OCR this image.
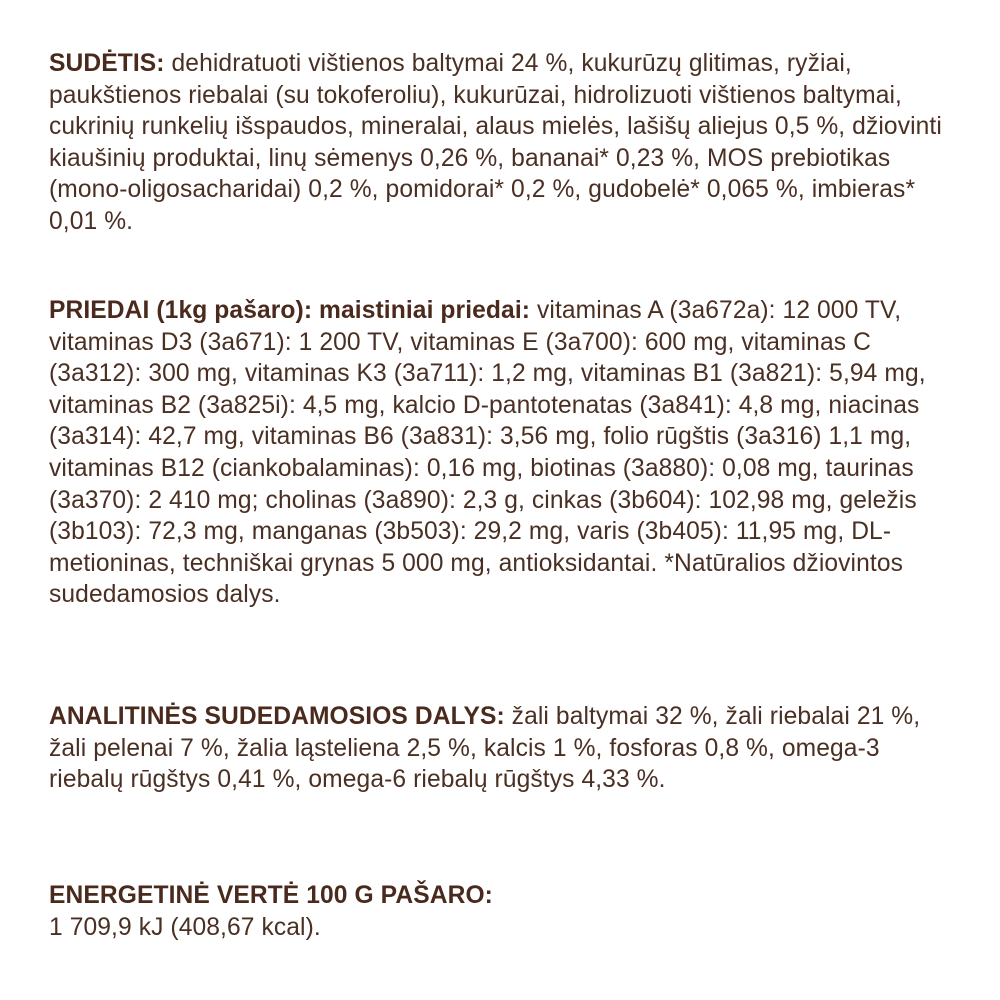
SUDĖTIS: dehidratuoti vištienos baltymai 24 %, kukurūzų glitimas, ryžiai, paukštienos riebalai (su tokoferoliu), kukurūzai, hidrolizuoti vištienos baltymai, cukrinių runkelių išspaudos, mineralai, alaus mielės, lašišų aliejus 0,5 %, džiovinti kiaušinių produktai, linų sėmenys 0,26 %, bananai* 0,23 %, MOS prebiotikas (mono-oligosacharidai) 0,2 %, pomidorai* 0,2 %, gudobelė* 0,065 %, imbieras* 0,01 %.

PRIEDAI (1kg pašaro): maistiniai priedai: vitaminas A (3a672a): 12 000 TV, vitaminas D3 (3a671): 1 200 TV, vitaminas E (3a700): 600 mg, vitaminas C (3a312): 300 mg, vitaminas K3 (3a711): 1,2 mg, vitaminas B1 (3a821): 5,94 mg, vitaminas B2 (3a825i): 4,5 mg, kalcio D-pantotenatas (3a841): 4,8 mg, niacinas (3a314): 42,7 mg, vitaminas B6 (3a831): 3,56 mg, folio rūgštis (3a316) 1,1 mg, vitaminas B12 (ciankobalaminas): 0,16 mg, biotinas (3a880): 0,08 mg, taurinas (3a370): 2 410 mg; cholinas (3a890): 2,3 g, cinkas (3b604): 102,98 mg, geležis (3b103): 72,3 mg, manganas (3b503): 29,2 mg, varis (3b405): 11,95 mg, DL-metioninas, techniškai grynas 5 000 mg, antioksidantai. *Natūralios džiovintos sudedamosios dalys.

ANALITINĖS SUDEDAMOSIOS DALYS: žali baltymai 32 %, žali riebalai 21 %, žali pelenai 7 %, žalia ląsteliena 2,5 %, kalcis 1 %, fosforas 0,8 %, omega-3 riebalų rūgštys 0,41 %, omega-6 riebalų rūgštys 4,33 %.

ENERGETINĖ VERTĖ 100 G PAŠARO:
1 709,9 kJ (408,67 kcal).
